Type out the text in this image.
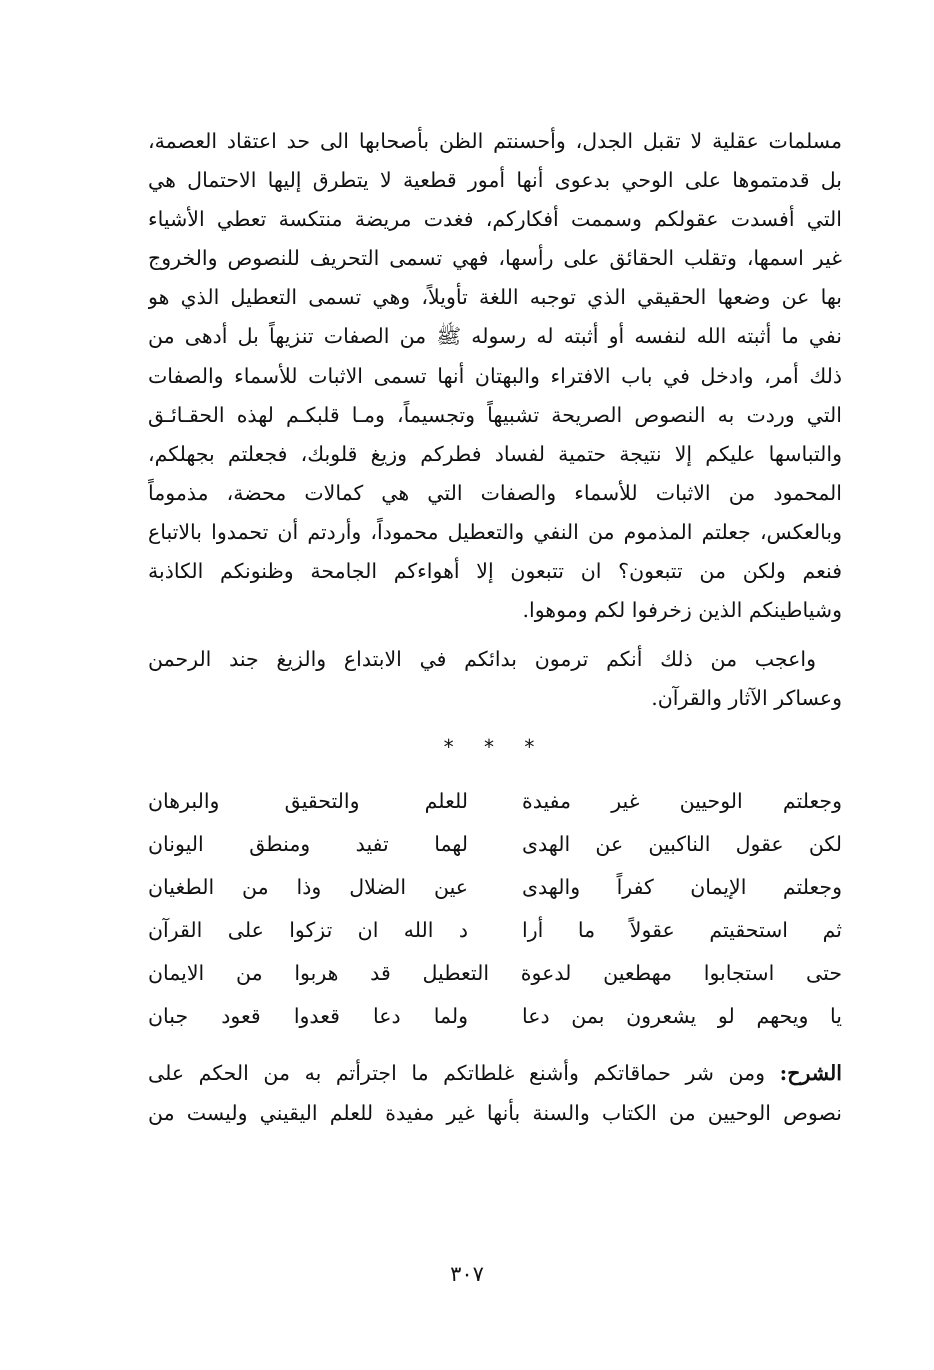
مسلمات عقلية لا تقبل الجدل، وأحسنتم الظن بأصحابها الى حد اعتقاد العصمة،
بل قدمتموها على الوحي بدعوى أنها أمور قطعية لا يتطرق إليها الاحتمال هي
التي أفسدت عقولكم وسممت أفكاركم، فغدت مريضة منتكسة تعطي الأشياء
غير اسمها، وتقلب الحقائق على رأسها، فهي تسمى التحريف للنصوص والخروج
بها عن وضعها الحقيقي الذي توجبه اللغة تأويلاً، وهي تسمى التعطيل الذي هو
نفي ما أثبته الله لنفسه أو أثبته له رسوله ﷺ من الصفات تنزيهاً بل أدهى من
ذلك أمر، وادخل في باب الافتراء والبهتان أنها تسمى الاثبات للأسماء والصفات
التي وردت به النصوص الصريحة تشبيهاً وتجسيماً، ومـا قلبكـم لهذه الحقـائـق
والتباسها عليكم إلا نتيجة حتمية لفساد فطركم وزيغ قلوبك، فجعلتم بجهلكم،
المحمود من الاثبات للأسماء والصفات التي هي كمالات محضة، مذموماً
وبالعكس، جعلتم المذموم من النفي والتعطيل محموداً، وأردتم أن تحمدوا بالاتباع
فنعم ولكن من تتبعون؟ ان تتبعون إلا أهواءكم الجامحة وظنونكم الكاذبة
وشياطينكم الذين زخرفوا لكم وموهوا.
واعجب من ذلك أنكم ترمون بدائكم في الابتداع والزيغ جند الرحمن
وعساكر الآثار والقرآن.
* * *
وجعلتم الوحيين غير مفيدة
للعلم والتحقيق والبرهان
لكن عقول الناكبين عن الهدى
لهما تفيد ومنطق اليونان
وجعلتم الإيمان كفراً والهدى
عين الضلال وذا من الطغيان
ثم استحقيتم عقولاً ما أرا
د الله ان تزكوا على القرآن
حتى استجابوا مهطعين لدعوة التعطيل قد هربوا من الايمان
يا ويحهم لو يشعرون بمن دعا
ولما دعا قعدوا قعود جبان
الشرح: ومن شر حماقاتكم وأشنع غلطاتكم ما اجترأتم به من الحكم على
نصوص الوحيين من الكتاب والسنة بأنها غير مفيدة للعلم اليقيني وليست من
٣٠٧
